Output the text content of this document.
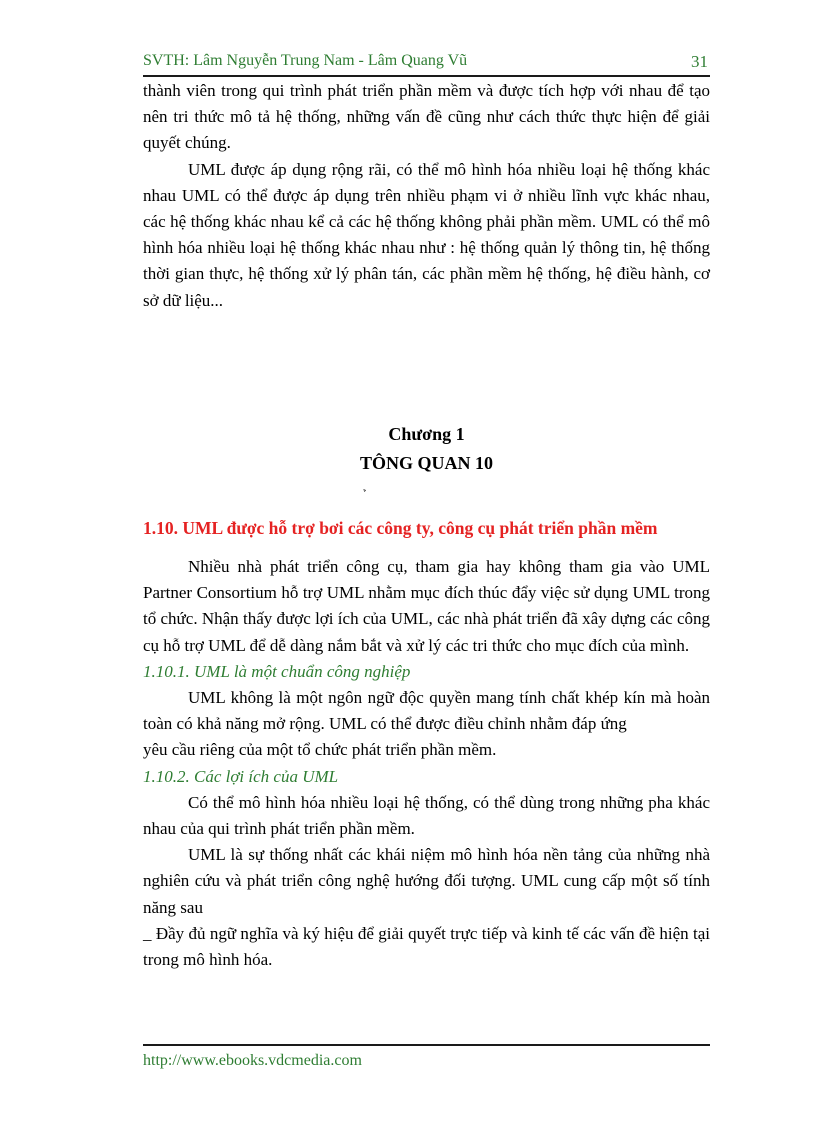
SVTH: Lâm Nguyễn Trung Nam - Lâm Quang Vũ	31

thành viên trong qui trình phát triển phần mềm và được tích hợp với nhau để tạo nên tri thức mô tả hệ thống, những vấn đề cũng như cách thức thực hiện để giải quyết chúng.

UML được áp dụng rộng rãi, có thể mô hình hóa nhiều loại hệ thống khác nhau UML có thể được áp dụng trên nhiều phạm vi ở nhiều lĩnh vực khác nhau, các hệ thống khác nhau kể cả các hệ thống không phải phần mềm. UML có thể mô hình hóa nhiều loại hệ thống khác nhau như : hệ thống quản lý thông tin, hệ thống thời gian thực, hệ thống xử lý phân tán, các phần mềm hệ thống, hệ điều hành, cơ sở dữ liệu...

Chương 1
TÔNG QUAN 10
1.10. UML được hỗ trợ bơi các công ty, công cụ phát triển phần mềm

Nhiều nhà phát triển công cụ, tham gia hay không tham gia vào UML Partner Consortium hỗ trợ UML nhằm mục đích thúc đẩy việc sử dụng UML trong tổ chức. Nhận thấy được lợi ích của UML, các nhà phát triển đã xây dựng các công cụ hỗ trợ UML để dễ dàng nắm bắt và xử lý các tri thức cho mục đích của mình.

1.10.1. UML là một chuẩn công nghiệp

UML không là một ngôn ngữ độc quyền mang tính chất khép kín mà hoàn toàn có khả năng mở rộng. UML có thể được điều chỉnh nhằm đáp ứng

yêu cầu riêng của một tổ chức phát triển phần mềm.

1.10.2. Các lợi ích của UML

Có thể mô hình hóa nhiều loại hệ thống, có thể dùng trong những pha khác nhau của qui trình phát triển phần mềm.

UML là sự thống nhất các khái niệm mô hình hóa nền tảng của những nhà nghiên cứu và phát triển công nghệ hướng đối tượng. UML cung cấp một số tính năng sau

_ Đầy đủ ngữ nghĩa và ký hiệu để giải quyết trực tiếp và kinh tế các vấn đề hiện tại trong mô hình hóa.

http://www.ebooks.vdcmedia.com
